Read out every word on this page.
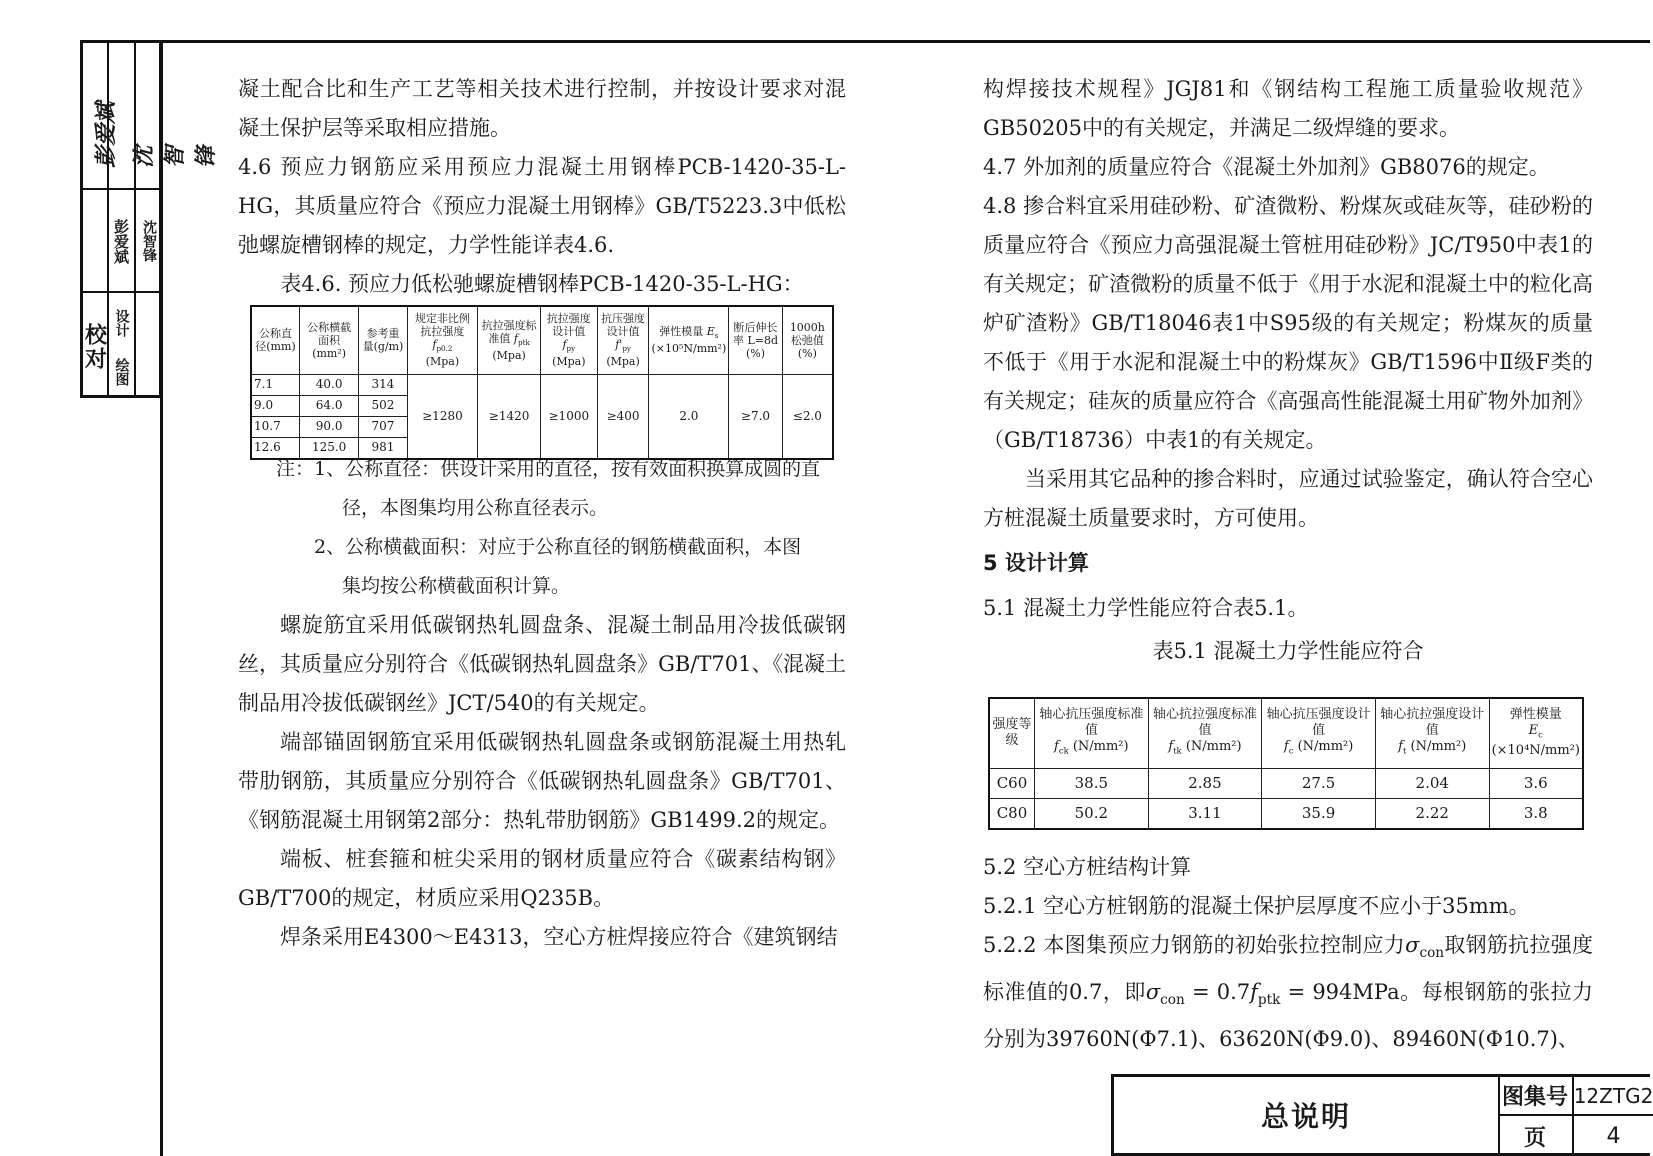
校对
设计
绘图
彭爱斌 沈智锋
彭爱斌 沈智锋

凝土配合比和生产工艺等相关技术进行控制，并按设计要求对混凝土保护层等采取相应措施。

4.6 预应力钢筋应采用预应力混凝土用钢棒PCB-1420-35-L-HG，其质量应符合《预应力混凝土用钢棒》GB/T5223.3中低松弛螺旋槽钢棒的规定，力学性能详表4.6.

表4.6. 预应力低松驰螺旋槽钢棒PCB-1420-35-L-HG：

公称直径(mm)	公称横截面积(mm²)	参考重量(g/m)	规定非比例抗拉强度 $f_{p0.2}$
(Mpa)	抗拉强度标准值 $f_{ptk}$
(Mpa)	抗拉强度设计值
$f_{py}$
(Mpa)	抗压强度设计值
$f'_{py}$
(Mpa)	弹性模量 $E_s$
(×10⁵N/mm²)	断后伸长率 L=8d
(%)	1000h松弛值
(%)
7.1	40.0	314	≥1280	≥1420	≥1000	≥400	2.0	≥7.0	≤2.0
9.0	64.0	502							
10.7	90.0	707							
12.6	125.0	981							

注：1、公称直径：供设计采用的直径，按有效面积换算成圆的直

径，本图集均用公称直径表示。

2、公称横截面积：对应于公称直径的钢筋横截面积，本图

集均按公称横截面积计算。

螺旋筋宜采用低碳钢热轧圆盘条、混凝土制品用冷拔低碳钢丝，其质量应分别符合《低碳钢热轧圆盘条》GB/T701、《混凝土制品用冷拔低碳钢丝》JCT/540的有关规定。

端部锚固钢筋宜采用低碳钢热轧圆盘条或钢筋混凝土用热轧带肋钢筋，其质量应分别符合《低碳钢热轧圆盘条》GB/T701、《钢筋混凝土用钢第2部分：热轧带肋钢筋》GB1499.2的规定。

端板、桩套箍和桩尖采用的钢材质量应符合《碳素结构钢》GB/T700的规定，材质应采用Q235B。

焊条采用E4300～E4313，空心方桩焊接应符合《建筑钢结

构焊接技术规程》JGJ81和《钢结构工程施工质量验收规范》GB50205中的有关规定，并满足二级焊缝的要求。

4.7 外加剂的质量应符合《混凝土外加剂》GB8076的规定。

4.8 掺合料宜采用硅砂粉、矿渣微粉、粉煤灰或硅灰等，硅砂粉的质量应符合《预应力高强混凝土管桩用硅砂粉》JC/T950中表1的有关规定；矿渣微粉的质量不低于《用于水泥和混凝土中的粒化高炉矿渣粉》GB/T18046表1中S95级的有关规定；粉煤灰的质量不低于《用于水泥和混凝土中的粉煤灰》GB/T1596中Ⅱ级F类的有关规定；硅灰的质量应符合《高强高性能混凝土用矿物外加剂》（GB/T18736）中表1的有关规定。

当采用其它品种的掺合料时，应通过试验鉴定，确认符合空心方桩混凝土质量要求时，方可使用。

5 设计计算

5.1 混凝土力学性能应符合表5.1。

表5.1 混凝土力学性能应符合

强度等级	轴心抗压强度标准值
$f_{ck}$ (N/mm²)	轴心抗拉强度标准值
$f_{tk}$ (N/mm²)	轴心抗压强度设计值
$f_c$ (N/mm²)	轴心抗拉强度设计值
$f_t$ (N/mm²)	弹性模量
$E_c$
(×10⁴N/mm²)
C60	38.5	2.85	27.5	2.04	3.6
C80	50.2	3.11	35.9	2.22	3.8

5.2 空心方桩结构计算

5.2.1 空心方桩钢筋的混凝土保护层厚度不应小于35mm。

5.2.2 本图集预应力钢筋的初始张拉控制应力$\sigma_{con}$取钢筋抗拉强度标准值的0.7，即$\sigma_{con} = 0.7f_{ptk} = 994MPa$。每根钢筋的张拉力分别为39760N(Φ7.1)、63620N(Φ9.0)、89460N(Φ10.7)、

总说明
图集号 12ZTG2
页	4
